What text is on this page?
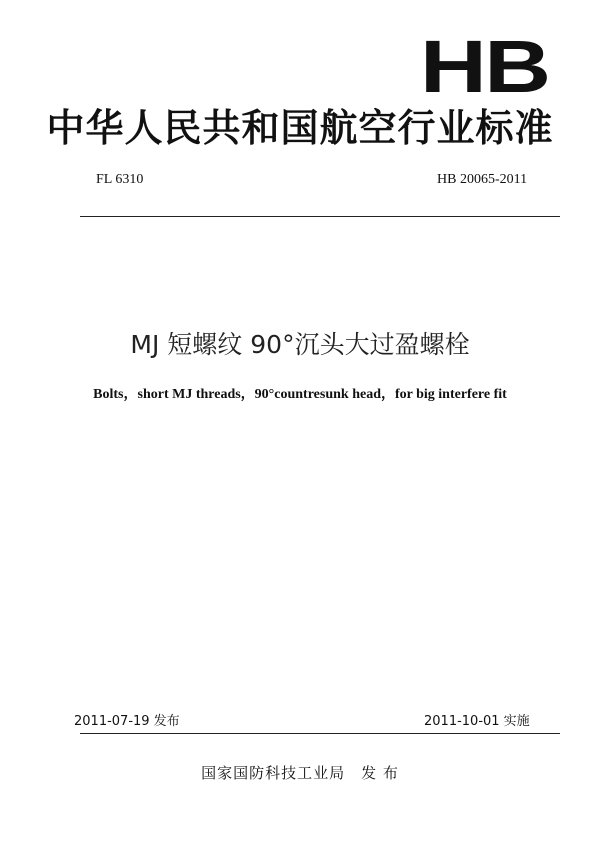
HB
中华人民共和国航空行业标准
FL 6310	HB 20065-2011
MJ 短螺纹 90°沉头大过盈螺栓
Bolts，short MJ threads，90°countresunk head，for big interfere fit
2011-07-19 发布	2011-10-01 实施
国家国防科技工业局　发 布
